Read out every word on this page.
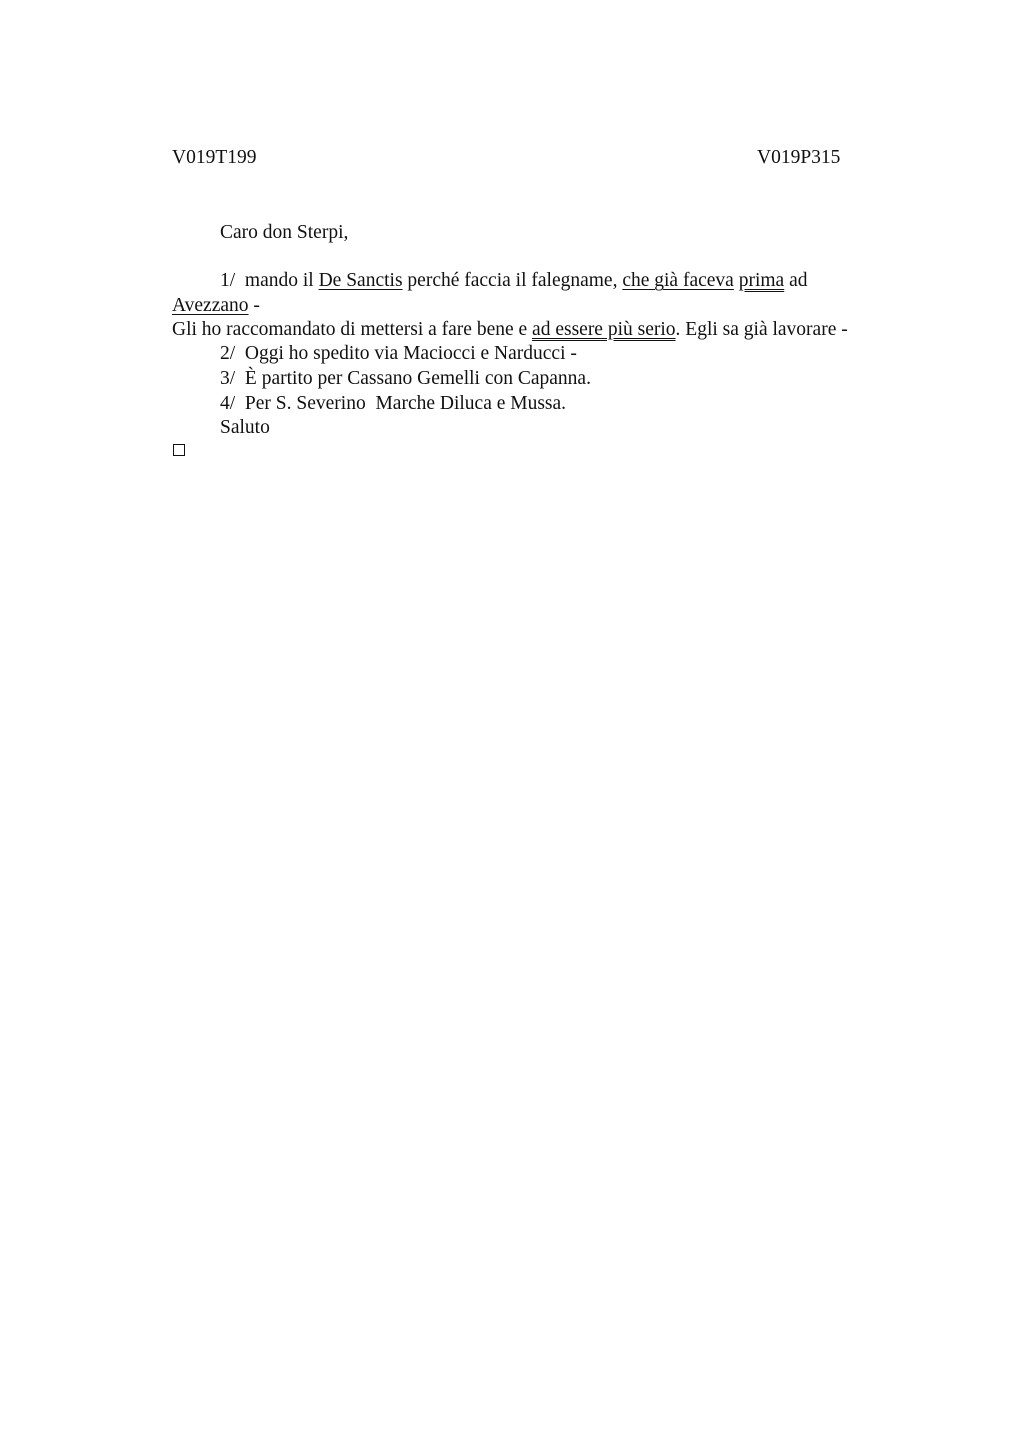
V019T199	V019P315
Caro don Sterpi,
1/ mando il De Sanctis perché faccia il falegname, che già faceva prima ad
Avezzano -
Gli ho raccomandato di mettersi a fare bene e ad essere più serio. Egli sa già lavorare -
2/ Oggi ho spedito via Maciocci e Narducci -
3/ È partito per Cassano Gemelli con Capanna.
4/ Per S. Severino  Marche Diluca e Mussa.
Saluto
